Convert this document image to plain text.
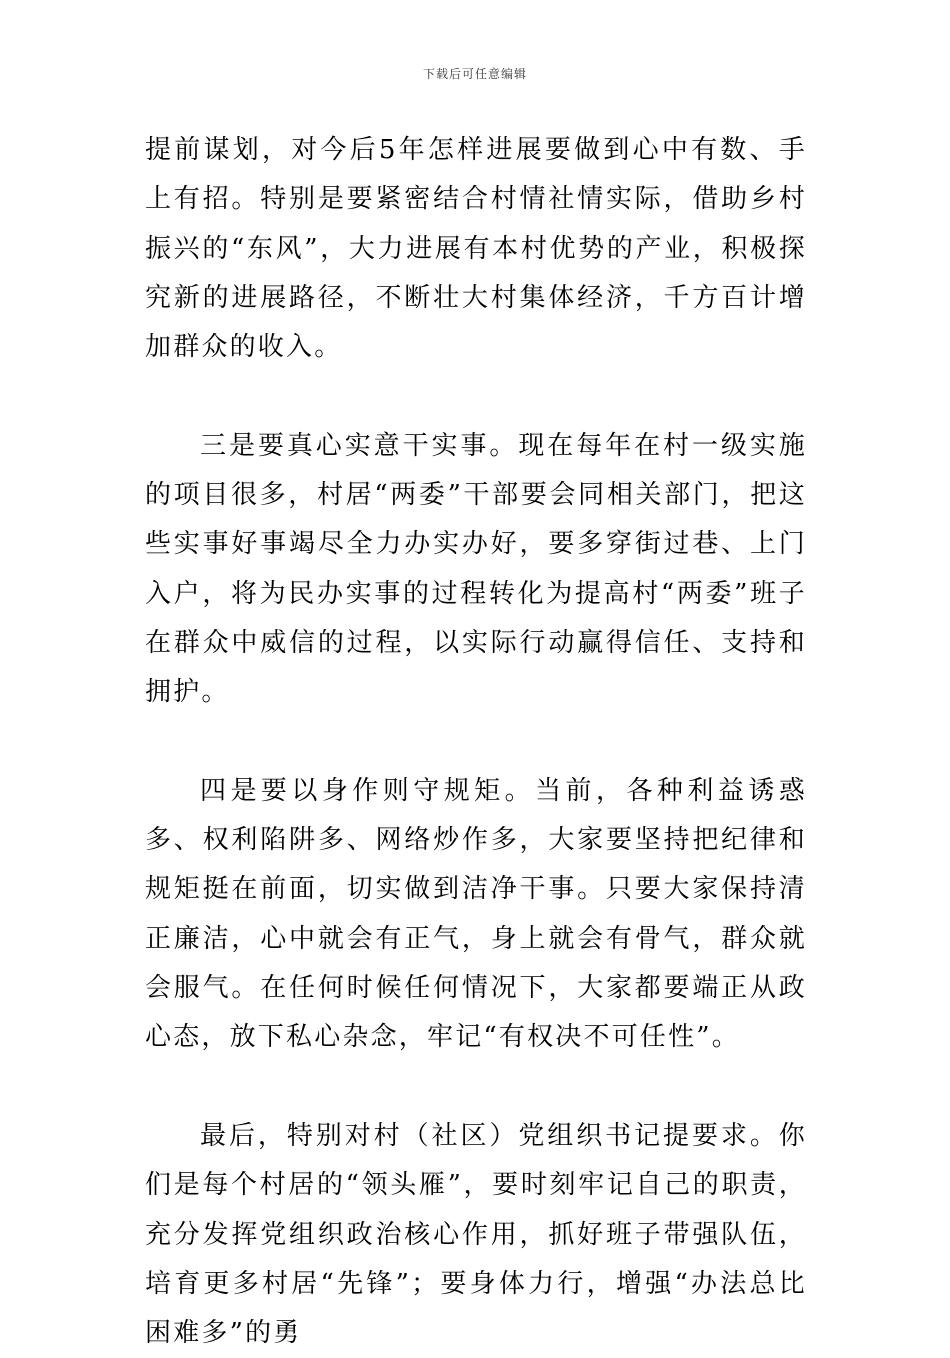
下载后可任意编辑

提前谋划，对今后5年怎样进展要做到心中有数、手上有招。特别是要紧密结合村情社情实际，借助乡村振兴的“东风”，大力进展有本村优势的产业，积极探究新的进展路径，不断壮大村集体经济，千方百计增加群众的收入。

三是要真心实意干实事。现在每年在村一级实施的项目很多，村居“两委”干部要会同相关部门，把这些实事好事竭尽全力办实办好，要多穿街过巷、上门入户，将为民办实事的过程转化为提高村“两委”班子在群众中威信的过程，以实际行动赢得信任、支持和拥护。

四是要以身作则守规矩。当前，各种利益诱惑多、权利陷阱多、网络炒作多，大家要坚持把纪律和规矩挺在前面，切实做到洁净干事。只要大家保持清正廉洁，心中就会有正气，身上就会有骨气，群众就会服气。在任何时候任何情况下，大家都要端正从政心态，放下私心杂念，牢记“有权决不可任性”。

最后，特别对村（社区）党组织书记提要求。你们是每个村居的“领头雁”，要时刻牢记自己的职责，充分发挥党组织政治核心作用，抓好班子带强队伍，培育更多村居“先锋”；要身体力行，增强“办法总比困难多”的勇
